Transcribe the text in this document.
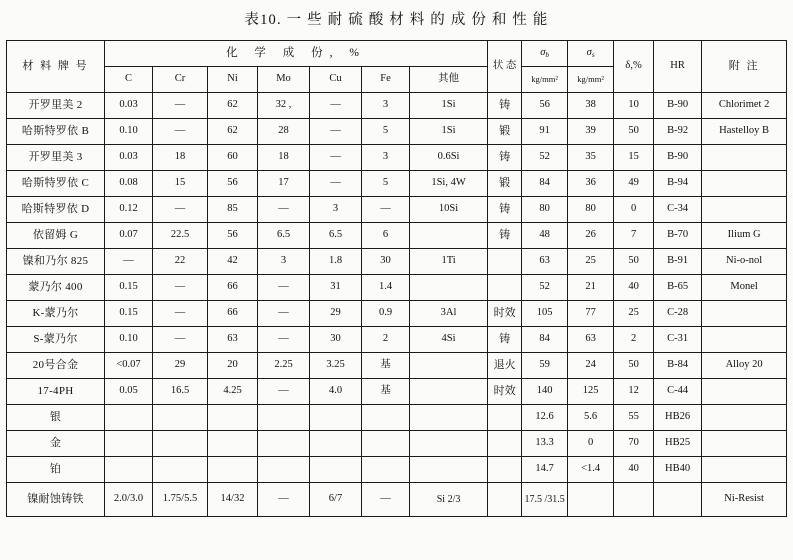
表10. 一 些 耐 硫 酸 材 料 的 成 份 和 性 能
材 料 牌 号	化 学 成 份, %							状 态	$\sigma_b$	$\sigma_s$	δ,%	HR	附 注
	C	Cr	Ni	Mo	Cu	Fe	其他		kg/mm²	kg/mm²			
开罗里美 2	0.03	—	62	32 ,	—	3	1Si	铸	56	38	10	B-90	Chlorimet 2
哈斯特罗依 B	0.10	—	62	28	—	5	1Si	锻	91	39	50	B-92	Hastelloy B
开罗里美 3	0.03	18	60	18	—	3	0.6Si	铸	52	35	15	B-90	
哈斯特罗依 C	0.08	15	56	17	—	5	1Si, 4W	锻	84	36	49	B-94	
哈斯特罗依 D	0.12	—	85	—	3	—	10Si	铸	80	80	0	C-34	
依留姆 G	0.07	22.5	56	6.5	6.5	6		铸	48	26	7	B-70	Ilium G
镍和乃尔 825	—	22	42	3	1.8	30	1Ti		63	25	50	B-91	Ni-o-nol
蒙乃尔 400	0.15	—	66	—	31	1.4			52	21	40	B-65	Monel
K-蒙乃尔	0.15	—	66	—	29	0.9	3Al	时效	105	77	25	C-28	
S-蒙乃尔	0.10	—	63	—	30	2	4Si	铸	84	63	2	C-31	
20号合金	<0.07	29	20	2.25	3.25	基		退火	59	24	50	B-84	Alloy 20
17-4PH	0.05	16.5	4.25	—	4.0	基		时效	140	125	12	C-44	
银									12.6	5.6	55	HB26	
金									13.3	0	70	HB25	
铂									14.7	<1.4	40	HB40	
镍耐蚀铸铁	2.0/3.0	1.75/5.5	14/32	—	6/7	—	Si 2/3		17.5 /31.5				Ni-Resist
